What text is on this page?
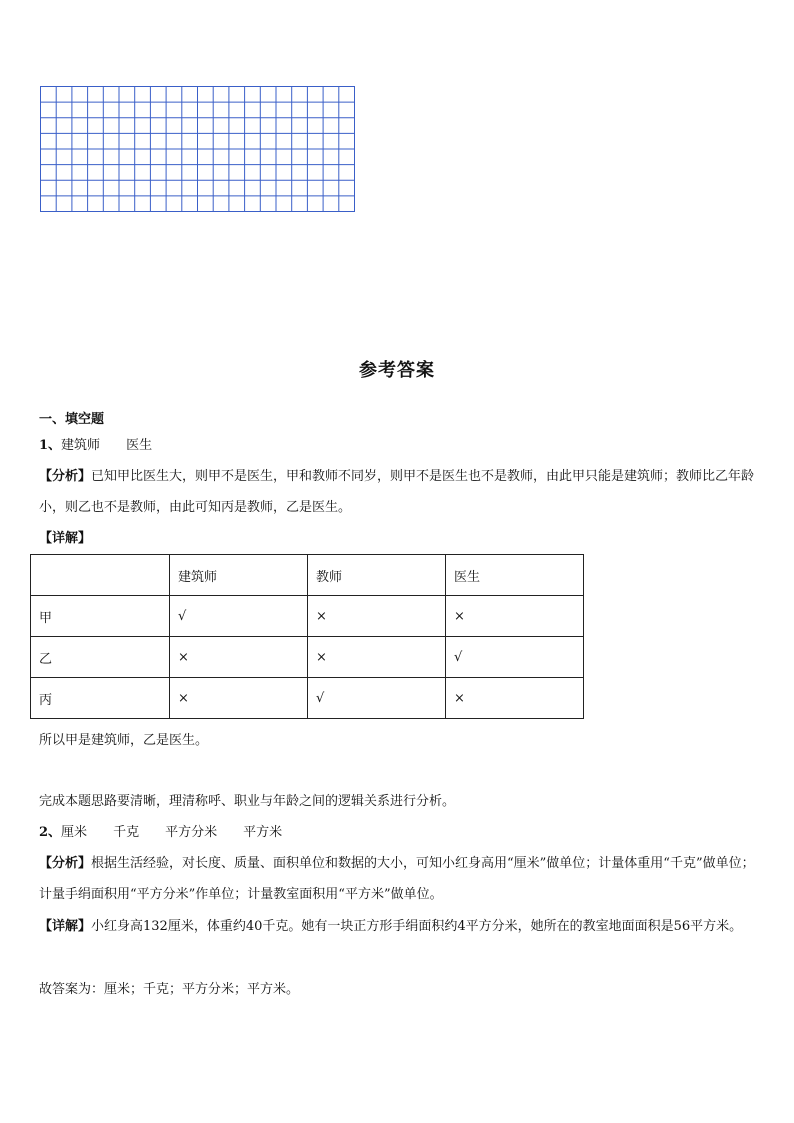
参考答案
一、填空题
1、建筑师 医生
【分析】已知甲比医生大，则甲不是医生，甲和教师不同岁，则甲不是医生也不是教师，由此甲只能是建筑师；教师比乙年龄小，则乙也不是教师，由此可知丙是教师，乙是医生。
【详解】
	建筑师	教师	医生
甲	√	×	×
乙	×	×	√
丙	×	√	×
所以甲是建筑师，乙是医生。
完成本题思路要清晰，理清称呼、职业与年龄之间的逻辑关系进行分析。
2、厘米 千克 平方分米 平方米
【分析】根据生活经验，对长度、质量、面积单位和数据的大小，可知小红身高用“厘米”做单位；计量体重用“千克”做单位；计量手绢面积用“平方分米”作单位；计量教室面积用“平方米”做单位。
【详解】小红身高132厘米，体重约40千克。她有一块正方形手绢面积约4平方分米，她所在的教室地面面积是56平方米。
故答案为：厘米；千克；平方分米；平方米。
